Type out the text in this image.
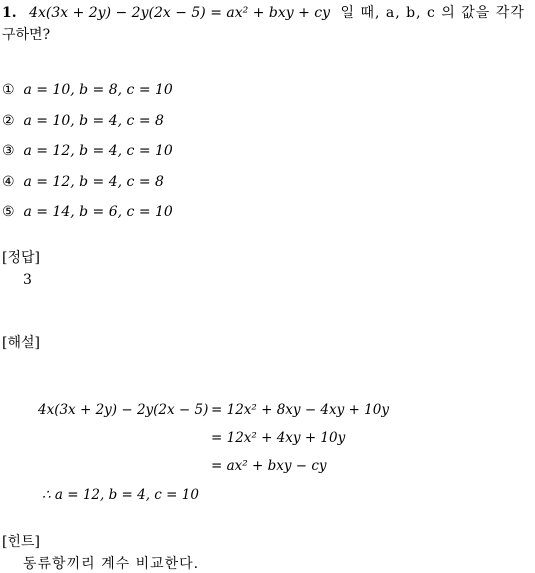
1. 4x(3x + 2y) − 2y(2x − 5) = ax² + bxy + cy 일 때, a, b, c 의 값을 각각
구하면?
① a = 10, b = 8, c = 10
② a = 10, b = 4, c = 8
③ a = 12, b = 4, c = 10
④ a = 12, b = 4, c = 8
⑤ a = 14, b = 6, c = 10
[정답]
3
[해설]
4x(3x + 2y) − 2y(2x − 5) = 12x² + 8xy − 4xy + 10y
= 12x² + 4xy + 10y
= ax² + bxy − cy
∴ a = 12, b = 4, c = 10
[힌트]
동류항끼리 계수 비교한다.
